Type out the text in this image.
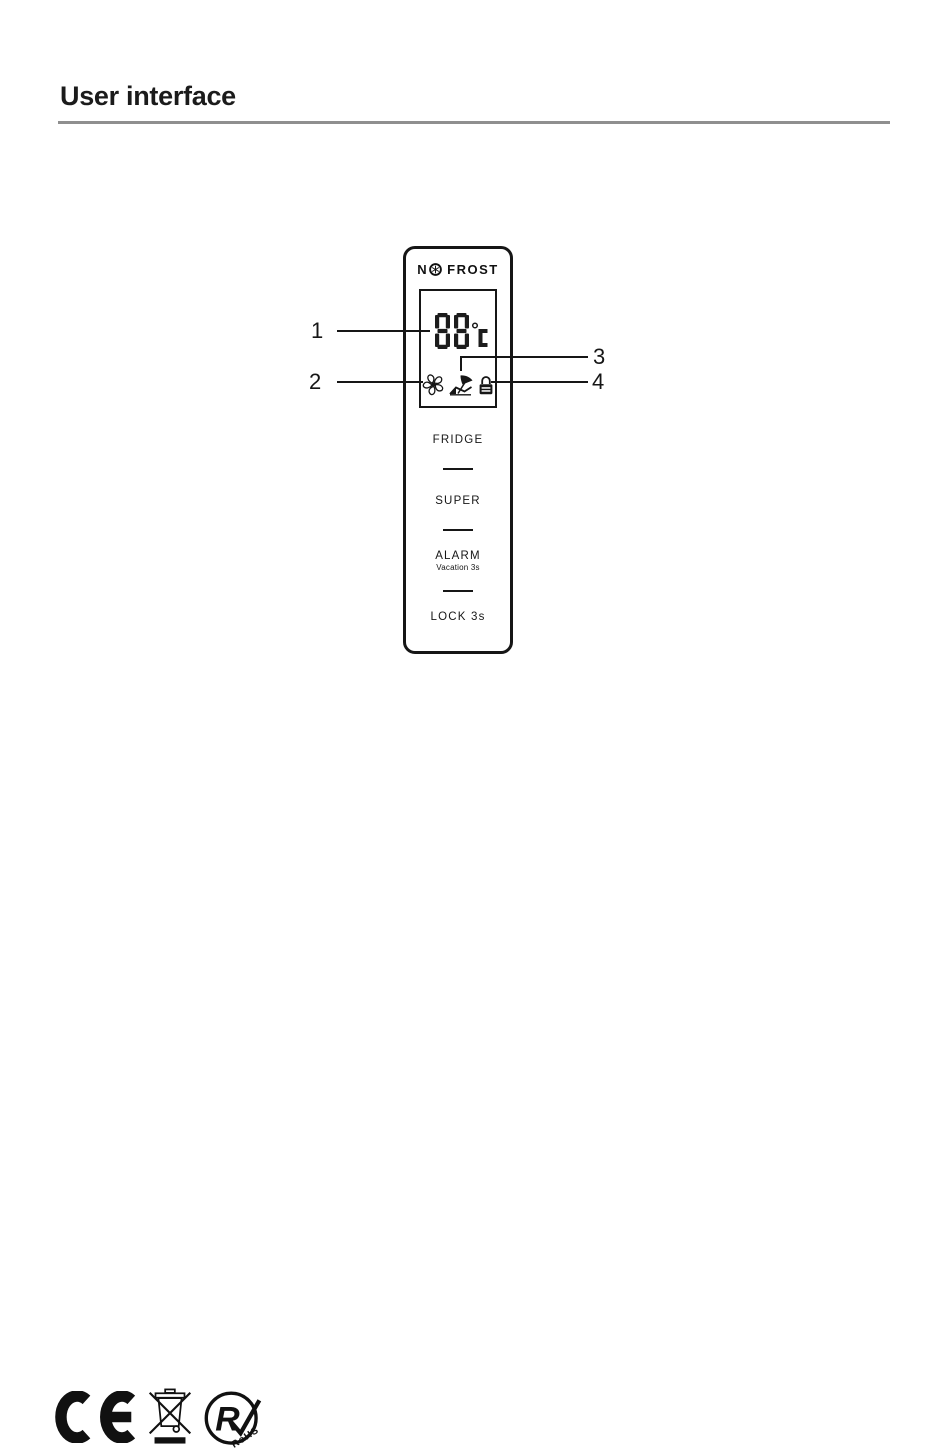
User interface
N FROST
FRIDGE
SUPER
ALARM
Vacation 3s
LOCK 3s
1
2
3
4
R
RoHS
